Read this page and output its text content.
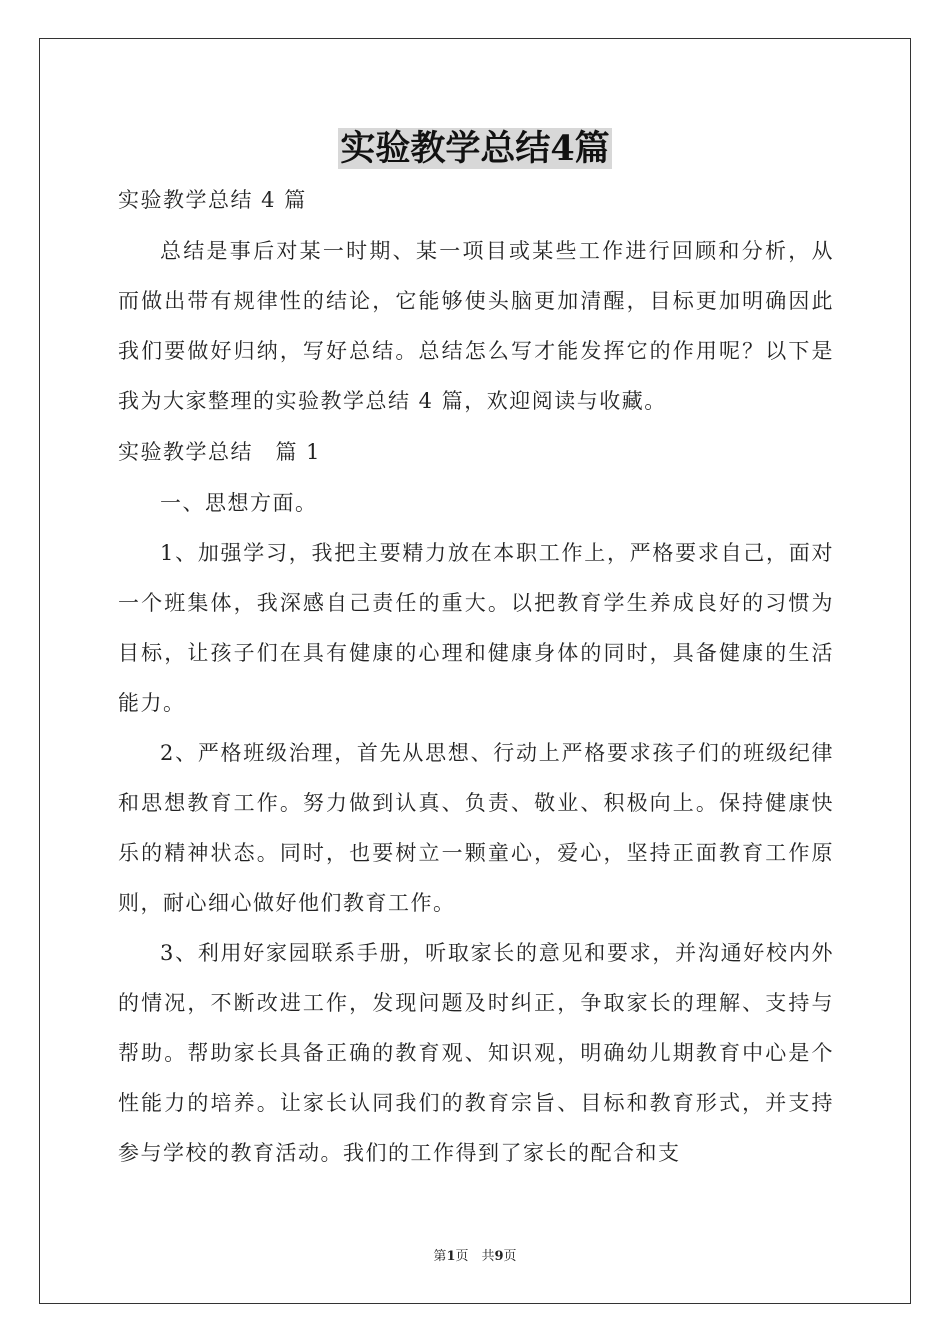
实验教学总结4篇

实验教学总结 4 篇

总结是事后对某一时期、某一项目或某些工作进行回顾和分析，从而做出带有规律性的结论，它能够使头脑更加清醒，目标更加明确因此我们要做好归纳，写好总结。总结怎么写才能发挥它的作用呢？以下是我为大家整理的实验教学总结 4 篇，欢迎阅读与收藏。

实验教学总结　篇 1

一、思想方面。

1、加强学习，我把主要精力放在本职工作上，严格要求自己，面对一个班集体，我深感自己责任的重大。以把教育学生养成良好的习惯为目标，让孩子们在具有健康的心理和健康身体的同时，具备健康的生活能力。

2、严格班级治理，首先从思想、行动上严格要求孩子们的班级纪律和思想教育工作。努力做到认真、负责、敬业、积极向上。保持健康快乐的精神状态。同时，也要树立一颗童心，爱心，坚持正面教育工作原则，耐心细心做好他们教育工作。

3、利用好家园联系手册，听取家长的意见和要求，并沟通好校内外的情况，不断改进工作，发现问题及时纠正，争取家长的理解、支持与帮助。帮助家长具备正确的教育观、知识观，明确幼儿期教育中心是个性能力的培养。让家长认同我们的教育宗旨、目标和教育形式，并支持参与学校的教育活动。我们的工作得到了家长的配合和支

第1页　共9页
